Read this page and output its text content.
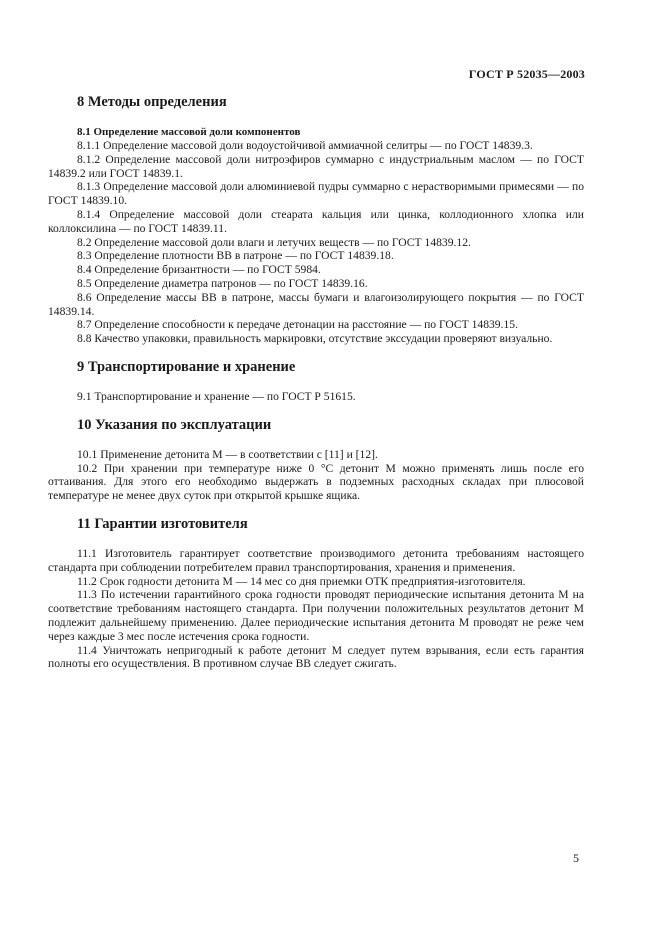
ГОСТ Р 52035—2003
8 Методы определения
8.1 Определение массовой доли компонентов

8.1.1 Определение массовой доли водоустойчивой аммиачной селитры — по ГОСТ 14839.3.

8.1.2 Определение массовой доли нитроэфиров суммарно с индустриальным маслом — по ГОСТ 14839.2 или ГОСТ 14839.1.

8.1.3 Определение массовой доли алюминиевой пудры суммарно с нерастворимыми примесями — по ГОСТ 14839.10.

8.1.4 Определение массовой доли стеарата кальция или цинка, коллодионного хлопка или коллоксилина — по ГОСТ 14839.11.

8.2 Определение массовой доли влаги и летучих веществ — по ГОСТ 14839.12.

8.3 Определение плотности ВВ в патроне — по ГОСТ 14839.18.

8.4 Определение бризантности — по ГОСТ 5984.

8.5 Определение диаметра патронов — по ГОСТ 14839.16.

8.6 Определение массы ВВ в патроне, массы бумаги и влагоизолирующего покрытия — по ГОСТ 14839.14.

8.7 Определение способности к передаче детонации на расстояние — по ГОСТ 14839.15.

8.8 Качество упаковки, правильность маркировки, отсутствие экссудации проверяют визуально.

9 Транспортирование и хранение

9.1 Транспортирование и хранение — по ГОСТ Р 51615.

10 Указания по эксплуатации

10.1 Применение детонита М — в соответствии с [11] и [12].

10.2 При хранении при температуре ниже 0 °С детонит М можно применять лишь после его оттаивания. Для этого его необходимо выдержать в подземных расходных складах при плюсовой температуре не менее двух суток при открытой крышке ящика.

11 Гарантии изготовителя

11.1 Изготовитель гарантирует соответствие производимого детонита требованиям настоящего стандарта при соблюдении потребителем правил транспортирования, хранения и применения.

11.2 Срок годности детонита М — 14 мес со дня приемки ОТК предприятия-изготовителя.

11.3 По истечении гарантийного срока годности проводят периодические испытания детонита М на соответствие требованиям настоящего стандарта. При получении положительных результатов детонит М подлежит дальнейшему применению. Далее периодические испытания детонита М проводят не реже чем через каждые 3 мес после истечения срока годности.

11.4 Уничтожать непригодный к работе детонит М следует путем взрывания, если есть гарантия полноты его осуществления. В противном случае ВВ следует сжигать.

5
